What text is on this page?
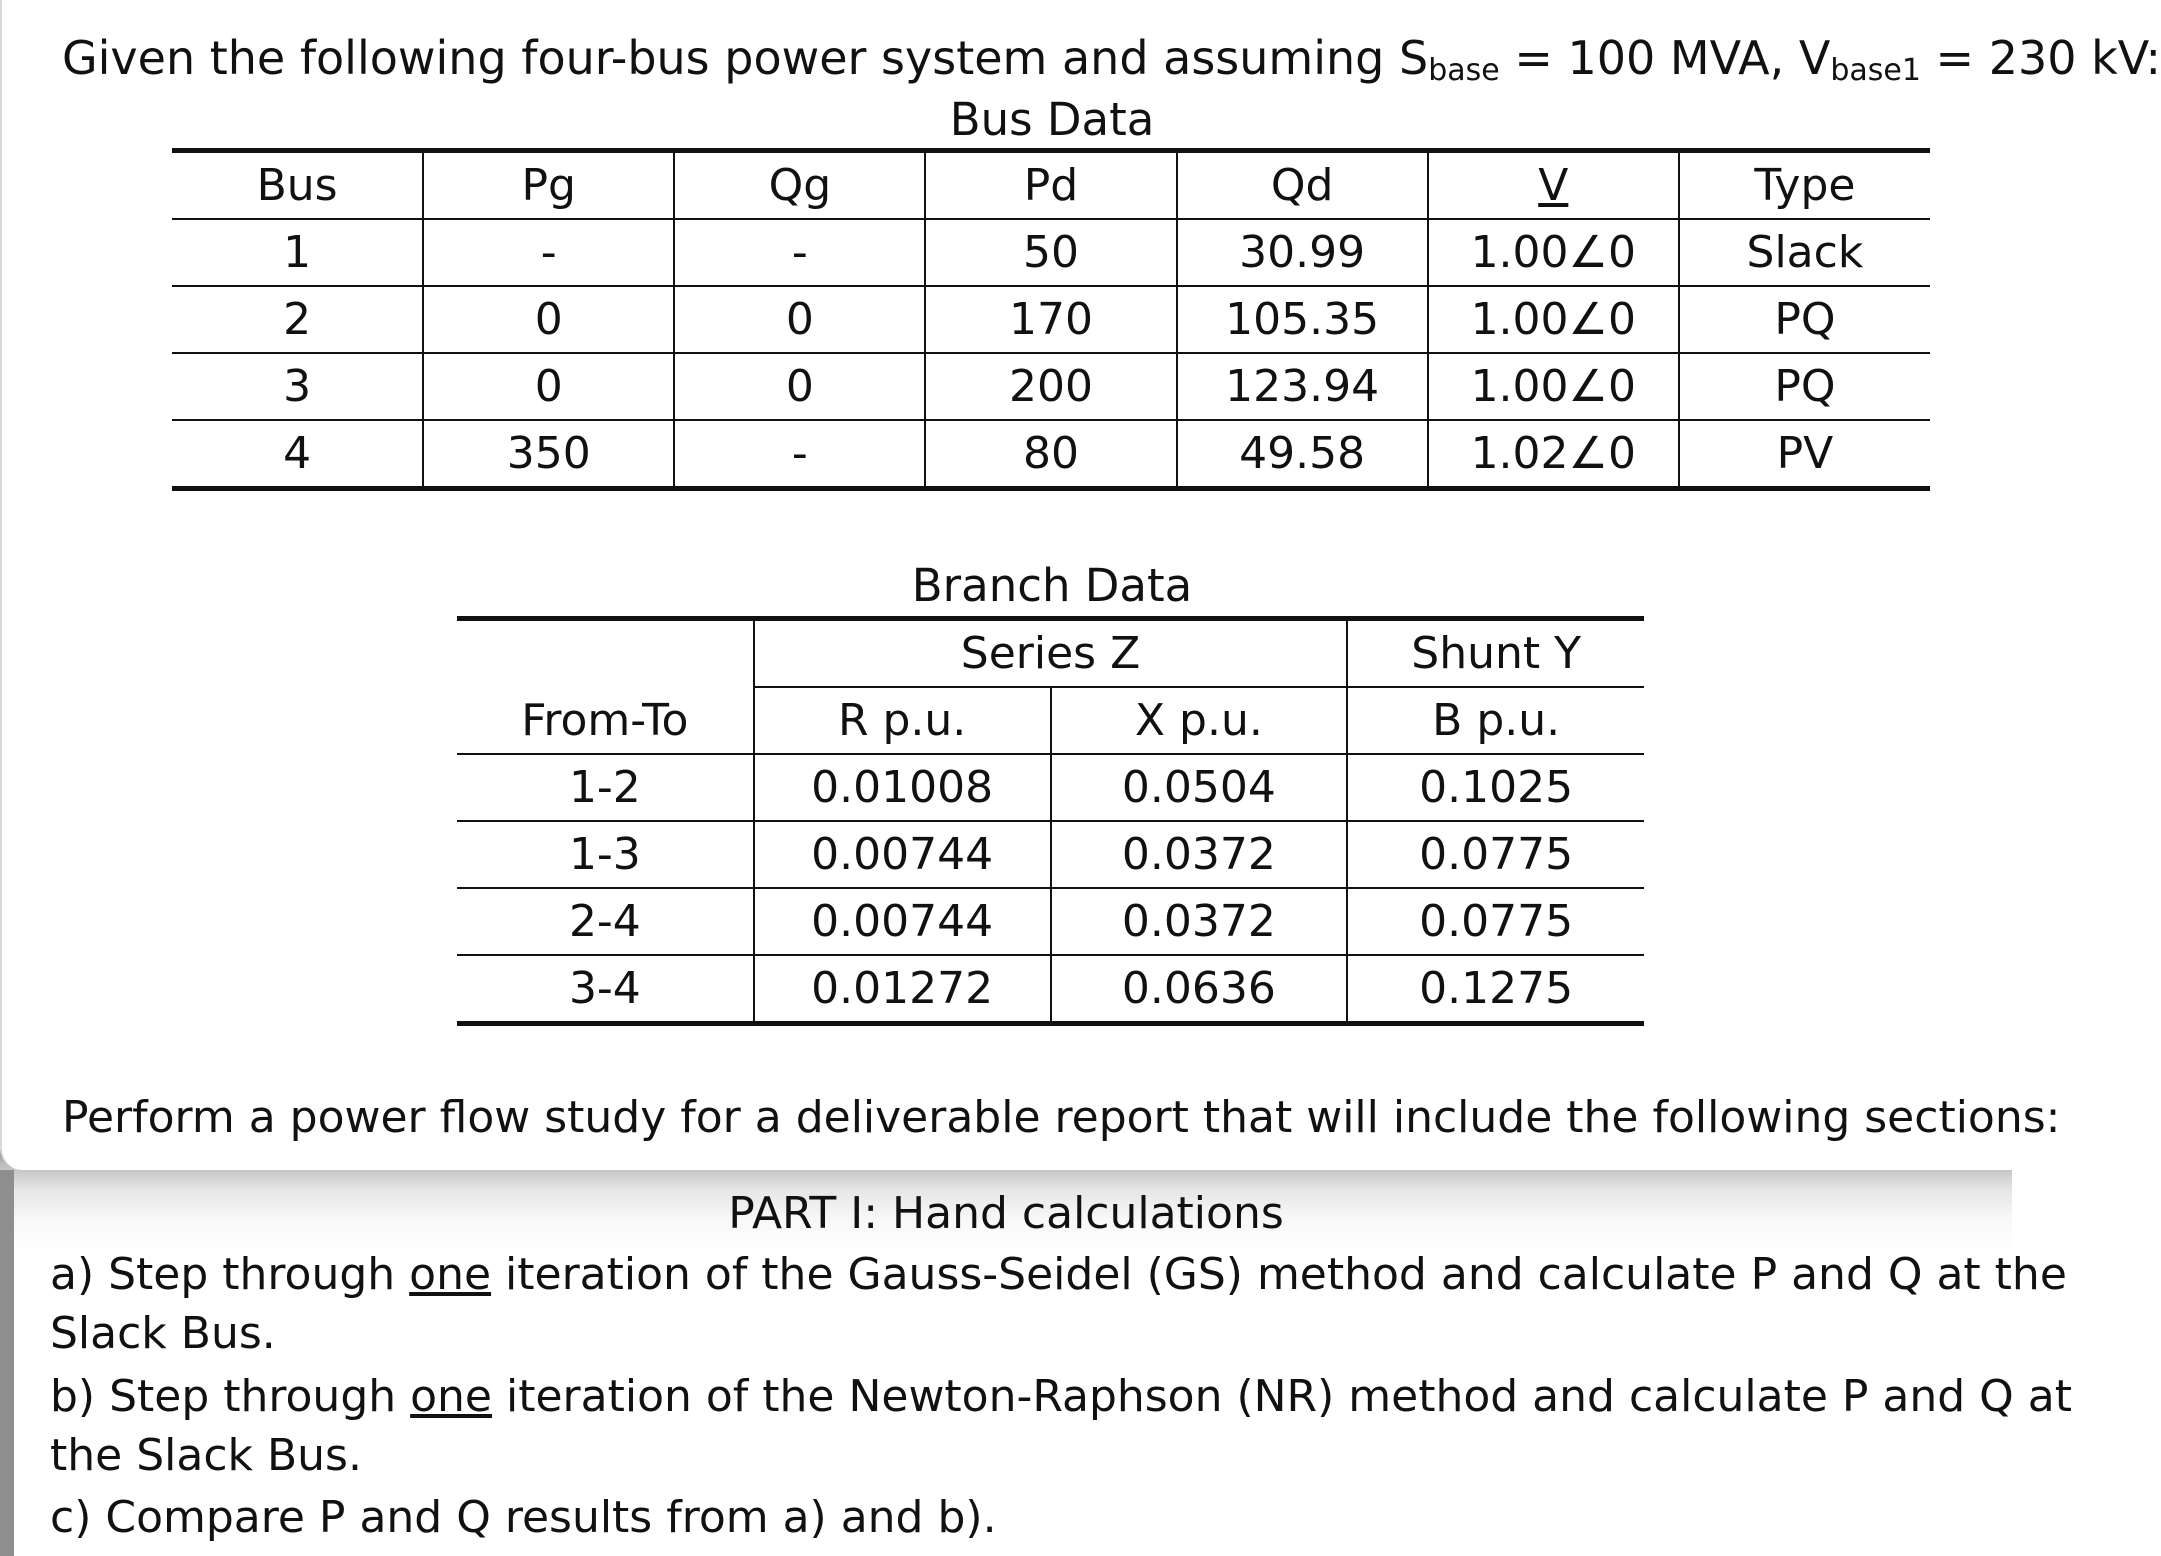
Given the following four-bus power system and assuming $S_{base} = 100$ MVA, $V_{base1} = 230$ kV:
Bus Data
Bus	Pg	Qg	Pd	Qd	V	Type
1	-	-	50	30.99	1.00∠0	Slack
2	0	0	170	105.35	1.00∠0	PQ
3	0	0	200	123.94	1.00∠0	PQ
4	350	-	80	49.58	1.02∠0	PV
Branch Data
	Series Z		Shunt Y
From-To	R p.u.	X p.u.	B p.u.
1-2	0.01008	0.0504	0.1025
1-3	0.00744	0.0372	0.0775
2-4	0.00744	0.0372	0.0775
3-4	0.01272	0.0636	0.1275
Perform a power flow study for a deliverable report that will include the following sections:
PART I: Hand calculations
a) Step through one iteration of the Gauss-Seidel (GS) method and calculate P and Q at the
Slack Bus.
b) Step through one iteration of the Newton-Raphson (NR) method and calculate P and Q at
the Slack Bus.
c) Compare P and Q results from a) and b).
